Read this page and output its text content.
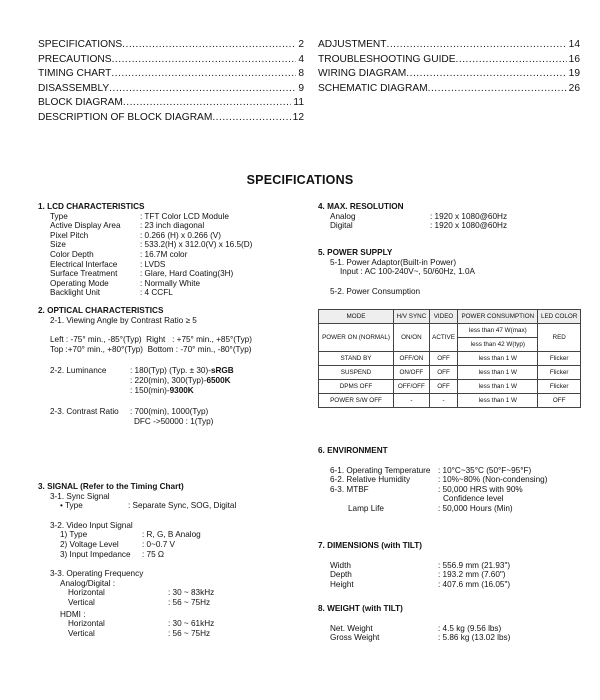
SPECIFICATIONS .....	2
PRECAUTIONS .....	4
TIMING CHART .....	8
DISASSEMBLY .....	9
BLOCK DIAGRAM .....	11
DESCRIPTION OF BLOCK DIAGRAM .....	12
ADJUSTMENT .....	14
TROUBLESHOOTING GUIDE .....	16
WIRING DIAGRAM .....	19
SCHEMATIC DIAGRAM .....	26
SPECIFICATIONS
1. LCD CHARACTERISTICS
Type	: TFT Color LCD Module
Active Display Area	: 23 inch diagonal
Pixel Pitch	: 0.266 (H) x 0.266 (V)
Size	: 533.2(H) x 312.0(V) x 16.5(D)
Color Depth	: 16.7M color
Electrical Interface	: LVDS
Surface Treatment	: Glare, Hard Coating(3H)
Operating Mode	: Normally White
Backlight Unit	: 4 CCFL
2. OPTICAL CHARACTERISTICS
2-1. Viewing Angle by Contrast Ratio ≥ 5
Left : -75° min., -85°(Typ)  Right   : +75° min., +85°(Typ)
Top :+70° min., +80°(Typ)  Bottom : -70° min., -80°(Typ)
2-2. Luminance	: 180(Typ) (Typ. ± 30)-sRGB
: 220(min), 300(Typ)-6500K
: 150(min)-9300K
2-3. Contrast Ratio	: 700(min), 1000(Typ)
DFC ->50000 : 1(Typ)
3. SIGNAL (Refer to the Timing Chart)
3-1. Sync Signal
• Type	: Separate Sync, SOG, Digital
3-2. Video Input Signal
1) Type	: R, G, B Analog
2) Voltage Level	: 0~0.7 V
3) Input Impedance	: 75 Ω
3-3. Operating Frequency
Analog/Digital :
Horizontal	: 30 ~ 83kHz
Vertical	: 56 ~ 75Hz
HDMI :
Horizontal	: 30 ~ 61kHz
Vertical	: 56 ~ 75Hz
4. MAX. RESOLUTION
Analog	: 1920 x 1080@60Hz
Digital	: 1920 x 1080@60Hz
5. POWER SUPPLY
5-1. Power Adaptor(Built-in Power)
Input : AC 100-240V~, 50/60Hz, 1.0A
5-2. Power Consumption
MODE	H/V SYNC	VIDEO	POWER CONSUMPTION	LED COLOR
POWER ON (NORMAL)	ON/ON	ACTIVE	less than 47 W(max)	RED
			less than 42 W(typ)	
STAND BY	OFF/ON	OFF	less than 1 W	Flicker
SUSPEND	ON/OFF	OFF	less than 1 W	Flicker
DPMS OFF	OFF/OFF	OFF	less than 1 W	Flicker
POWER S/W OFF	-	-	less than 1 W	OFF
6. ENVIRONMENT
6-1. Operating Temperature : 10°C~35°C (50°F~95°F)
6-2. Relative Humidity	: 10%~80% (Non-condensing)
6-3. MTBF	: 50,000 HRS with 90%
Confidence level
Lamp Life	: 50,000 Hours (Min)
7. DIMENSIONS (with TILT)
Width	: 556.9 mm (21.93")
Depth	: 193.2 mm (7.60")
Height	: 407.6 mm (16.05")
8. WEIGHT (with TILT)
Net. Weight	: 4.5 kg (9.56 lbs)
Gross Weight	: 5.86 kg (13.02 lbs)
